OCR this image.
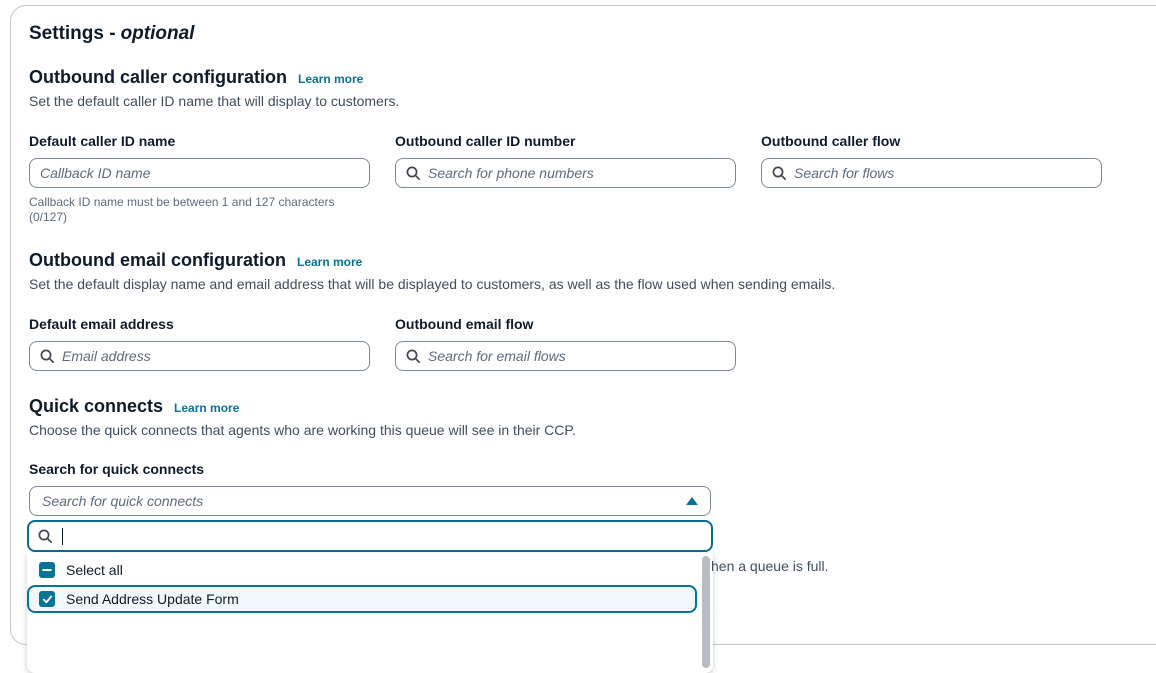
Settings - optional
Outbound caller configuration Learn more
Set the default caller ID name that will display to customers.
Default caller ID name
Callback ID name
Callback ID name must be between 1 and 127 characters
(0/127)
Outbound caller ID number
Search for phone numbers	Outbound caller flow
Search for flows
Outbound email configuration Learn more
Set the default display name and email address that will be displayed to customers, as well as the flow used when sending emails.
Default email address
Email address	Outbound email flow
Search for email flows
Quick connects Learn more
Choose the quick connects that agents who are working this queue will see in their CCP.
Search for quick connects
Search for quick connects
Select all
Send Address Update Form
hen a queue is full.
